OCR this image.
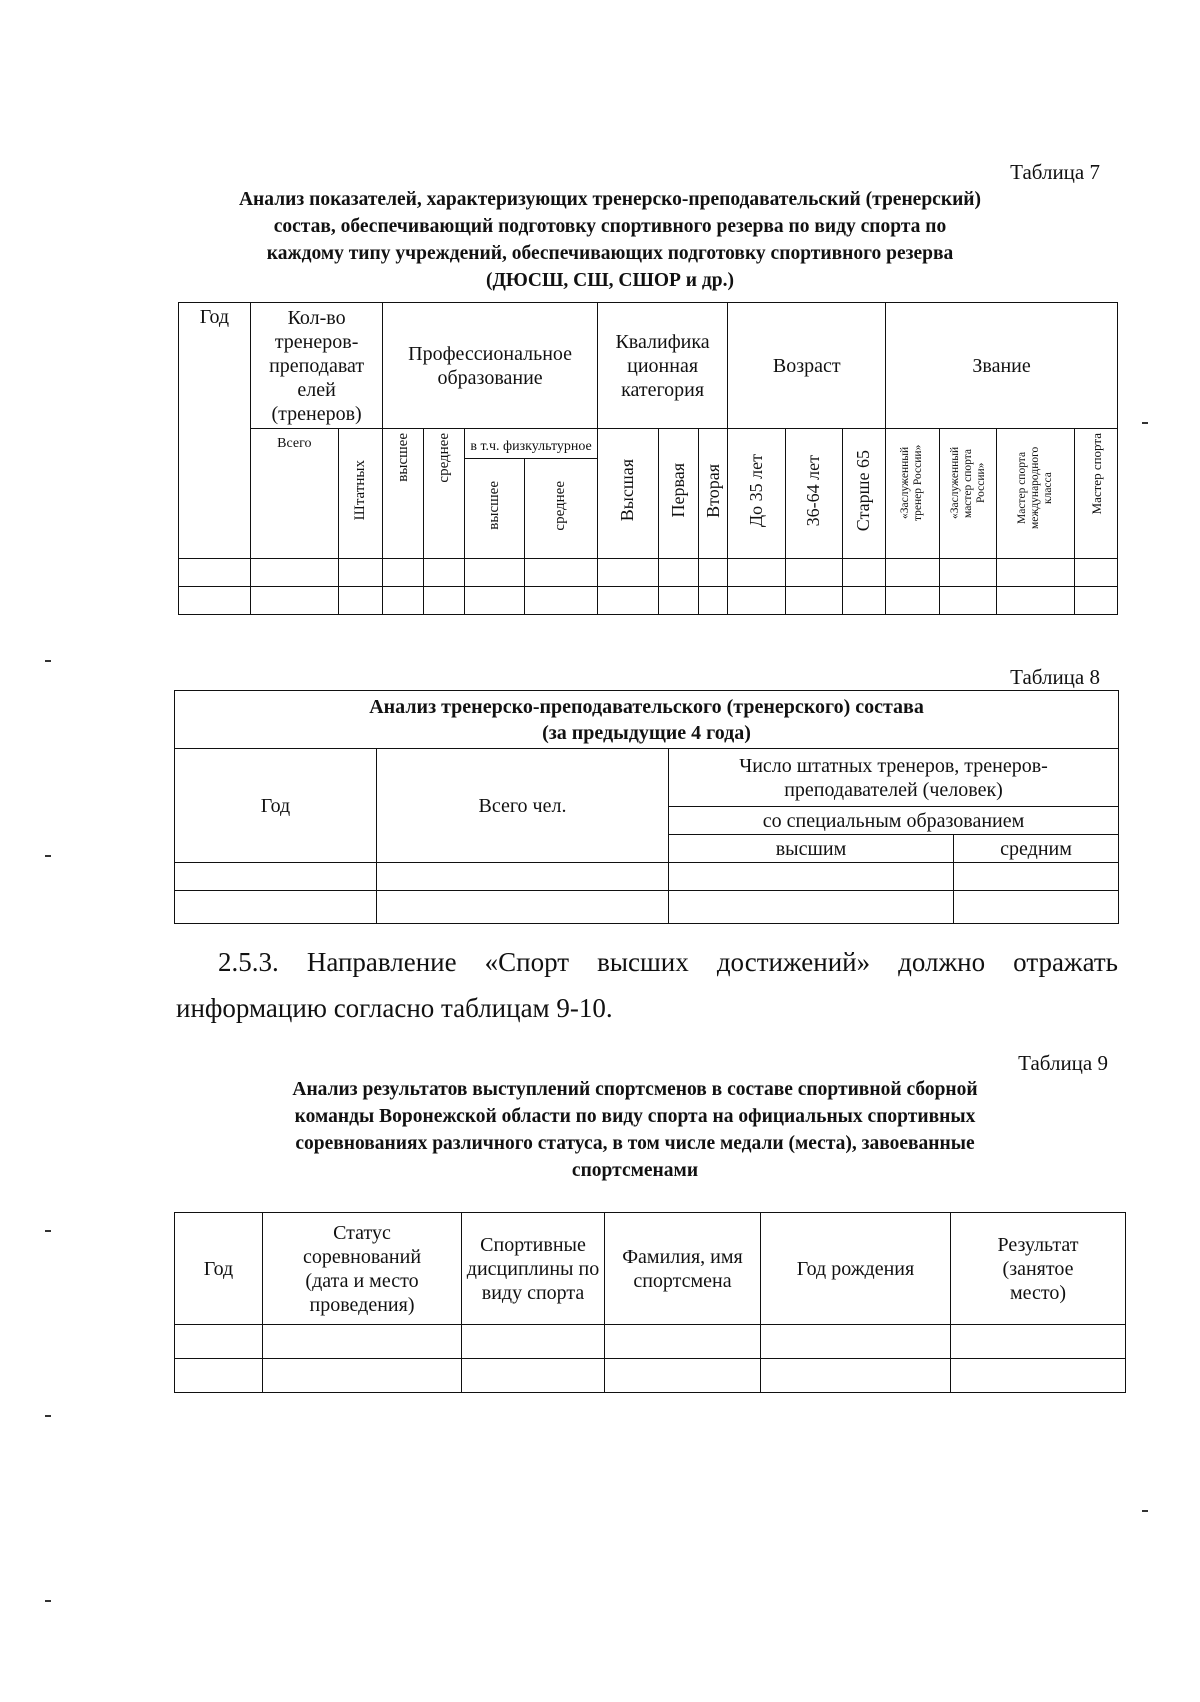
Таблица 7
Анализ показателей, характеризующих тренерско-преподавательский (тренерский)
состав, обеспечивающий подготовку спортивного резерва по виду спорта по
каждому типу учреждений, обеспечивающих подготовку спортивного резерва
(ДЮСШ, СШ, СШОР и др.)
Год	Кол-во тренеров-преподават елей (тренеров)		Профессиональное образование				Квалифика ционная категория			Возраст			Звание			
	Всего	Штатных	высшее	среднее	в т.ч. физкультурное		Высшая	Первая	Вторая	До 35 лет	36-64 лет	Старше 65	«Заслуженный тренер России»	«Заслуженный мастер спорта России»	Мастер спорта международного класса	Мастер спорта
					высшее	среднее										

Таблица 8
Анализ тренерско-преподавательского (тренерского) состава
(за предыдущие 4 года)			

Год	Всего чел.	Число штатных тренеров, тренеров-преподавателей (человек)	
		со специальным образованием	
		высшим	средним

2.5.3. Направление «Спорт высших достижений» должно отражать
информацию согласно таблицам 9-10.
Таблица 9
Анализ результатов выступлений спортсменов в составе спортивной сборной
команды Воронежской области по виду спорта на официальных спортивных
соревнованиях различного статуса, в том числе медали (места), завоеванные
спортсменами
Год	Статус соревнований (дата и место проведения)	Спортивные дисциплины по виду спорта	Фамилия, имя спортсмена	Год рождения	Результат (занятое место)
